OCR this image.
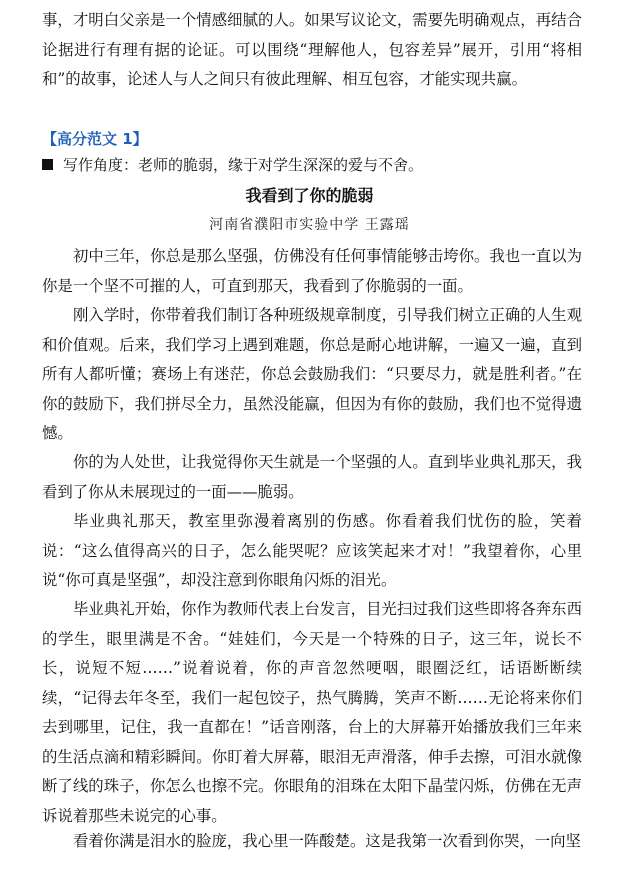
事，才明白父亲是一个情感细腻的人。如果写议论文，需要先明确观点，再结合论据进行有理有据的论证。可以围绕“理解他人，包容差异”展开，引用“将相和”的故事，论述人与人之间只有彼此理解、相互包容，才能实现共赢。

【高分范文 1】

写作角度：老师的脆弱，缘于对学生深深的爱与不舍。

我看到了你的脆弱

河南省濮阳市实验中学 王露瑶

初中三年，你总是那么坚强，仿佛没有任何事情能够击垮你。我也一直以为你是一个坚不可摧的人，可直到那天，我看到了你脆弱的一面。

刚入学时，你带着我们制订各种班级规章制度，引导我们树立正确的人生观和价值观。后来，我们学习上遇到难题，你总是耐心地讲解，一遍又一遍，直到所有人都听懂；赛场上有迷茫，你总会鼓励我们：“只要尽力，就是胜利者。”在你的鼓励下，我们拼尽全力，虽然没能赢，但因为有你的鼓励，我们也不觉得遗憾。

你的为人处世，让我觉得你天生就是一个坚强的人。直到毕业典礼那天，我看到了你从未展现过的一面——脆弱。

毕业典礼那天，教室里弥漫着离别的伤感。你看着我们忧伤的脸，笑着说：“这么值得高兴的日子，怎么能哭呢？应该笑起来才对！”我望着你，心里说“你可真是坚强”，却没注意到你眼角闪烁的泪光。

毕业典礼开始，你作为教师代表上台发言，目光扫过我们这些即将各奔东西的学生，眼里满是不舍。“娃娃们，今天是一个特殊的日子，这三年，说长不长，说短不短……”说着说着，你的声音忽然哽咽，眼圈泛红，话语断断续续，“记得去年冬至，我们一起包饺子，热气腾腾，笑声不断……无论将来你们去到哪里，记住，我一直都在！”话音刚落，台上的大屏幕开始播放我们三年来的生活点滴和精彩瞬间。你盯着大屏幕，眼泪无声滑落，伸手去擦，可泪水就像断了线的珠子，你怎么也擦不完。你眼角的泪珠在太阳下晶莹闪烁，仿佛在无声诉说着那些未说完的心事。

看着你满是泪水的脸庞，我心里一阵酸楚。这是我第一次看到你哭，一向坚
